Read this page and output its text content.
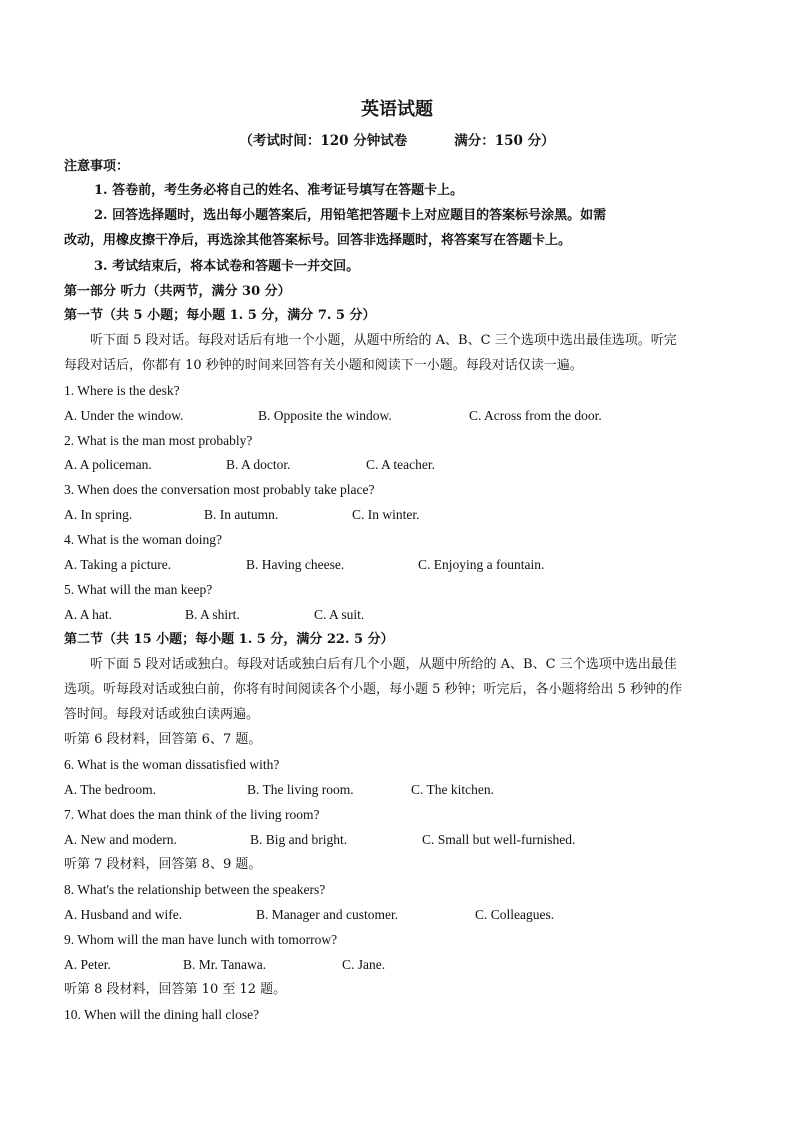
英语试题
（考试时间：120 分钟试卷          满分：150 分）
注意事项：
1. 答卷前，考生务必将自己的姓名、准考证号填写在答题卡上。
2. 回答选择题时，选出每小题答案后，用铅笔把答题卡上对应题目的答案标号涂黑。如需
改动，用橡皮擦干净后，再选涂其他答案标号。回答非选择题时，将答案写在答题卡上。
3. 考试结束后，将本试卷和答题卡一并交回。
第一部分 听力（共两节，满分 30 分）
第一节（共 5 小题；每小题 1. 5 分，满分 7. 5 分）
听下面 5 段对话。每段对话后有地一个小题，从题中所给的 A、B、C 三个选项中选出最佳选项。听完
每段对话后，你都有 10 秒钟的时间来回答有关小题和阅读下一小题。每段对话仅读一遍。
1. Where is the desk?
A. Under the window.	B. Opposite the window.	C. Across from the door.
2. What is the man most probably?
A. A policeman.	B. A doctor.	C. A teacher.
3. When does the conversation most probably take place?
A. In spring.	B. In autumn.	C. In winter.
4. What is the woman doing?
A. Taking a picture.	B. Having cheese.	C. Enjoying a fountain.
5. What will the man keep?
A. A hat.	B. A shirt.	C. A suit.
第二节（共 15 小题；每小题 1. 5 分，满分 22. 5 分）
听下面 5 段对话或独白。每段对话或独白后有几个小题，从题中所给的 A、B、C 三个选项中选出最佳
选项。听每段对话或独白前，你将有时间阅读各个小题，每小题 5 秒钟；听完后，各小题将给出 5 秒钟的作
答时间。每段对话或独白读两遍。
听第 6 段材料，回答第 6、7 题。
6. What is the woman dissatisfied with?
A. The bedroom.	B. The living room.	C. The kitchen.
7. What does the man think of the living room?
A. New and modern.	B. Big and bright.	C. Small but well-furnished.
听第 7 段材料，回答第 8、9 题。
8. What's the relationship between the speakers?
A. Husband and wife.	B. Manager and customer.	C. Colleagues.
9. Whom will the man have lunch with tomorrow?
A. Peter.	B. Mr. Tanawa.	C. Jane.
听第 8 段材料，回答第 10 至 12 题。
10. When will the dining hall close?
